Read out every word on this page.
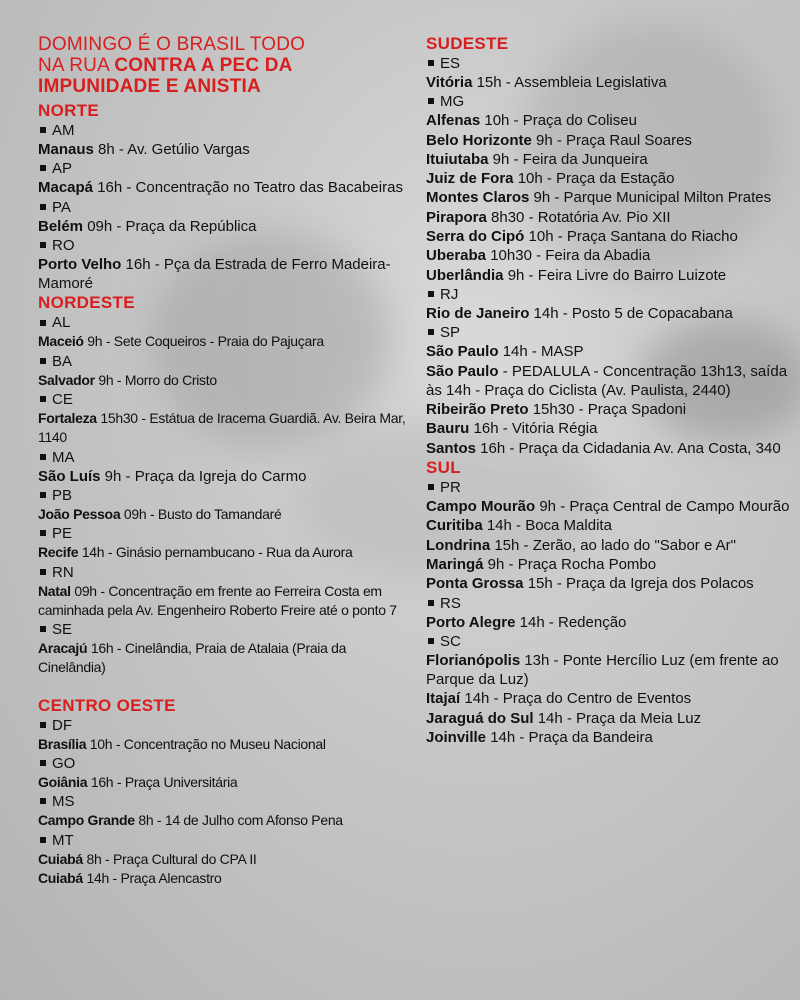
DOMINGO É O BRASIL TODO
NA RUA CONTRA A PEC DA
IMPUNIDADE E ANISTIA
NORTE
AM
Manaus 8h - Av. Getúlio Vargas
AP
Macapá 16h - Concentração no Teatro das Bacabeiras
PA
Belém 09h - Praça da República
RO
Porto Velho 16h - Pça da Estrada de Ferro Madeira-Mamoré
NORDESTE
AL
Maceió 9h - Sete Coqueiros - Praia do Pajuçara
BA
Salvador 9h - Morro do Cristo
CE
Fortaleza 15h30 - Estátua de Iracema Guardiã. Av. Beira Mar, 1140
MA
São Luís 9h - Praça da Igreja do Carmo
PB
João Pessoa 09h - Busto do Tamandaré
PE
Recife 14h - Ginásio pernambucano - Rua da Aurora
RN
Natal 09h - Concentração em frente ao Ferreira Costa em caminhada pela Av. Engenheiro Roberto Freire até o ponto 7
SE
Aracajú 16h - Cinelândia, Praia de Atalaia (Praia da Cinelândia)
CENTRO OESTE
DF
Brasília 10h - Concentração no Museu Nacional
GO
Goiânia 16h - Praça Universitária
MS
Campo Grande 8h - 14 de Julho com Afonso Pena
MT
Cuiabá 8h - Praça Cultural do CPA II
Cuiabá 14h - Praça Alencastro
SUDESTE
ES
Vitória 15h - Assembleia Legislativa
MG
Alfenas 10h - Praça do Coliseu
Belo Horizonte 9h - Praça Raul Soares
Ituiutaba 9h - Feira da Junqueira
Juiz de Fora 10h - Praça da Estação
Montes Claros 9h - Parque Municipal Milton Prates
Pirapora 8h30 - Rotatória Av. Pio XII
Serra do Cipó 10h - Praça Santana do Riacho
Uberaba 10h30 - Feira da Abadia
Uberlândia 9h - Feira Livre do Bairro Luizote
RJ
Rio de Janeiro 14h - Posto 5 de Copacabana
SP
São Paulo 14h - MASP
São Paulo - PEDALULA - Concentração 13h13, saída às 14h - Praça do Ciclista (Av. Paulista, 2440)
Ribeirão Preto 15h30 - Praça Spadoni
Bauru 16h - Vitória Régia
Santos 16h - Praça da Cidadania Av. Ana Costa, 340
SUL
PR
Campo Mourão 9h - Praça Central de Campo Mourão
Curitiba 14h - Boca Maldita
Londrina 15h - Zerão, ao lado do "Sabor e Ar"
Maringá 9h - Praça Rocha Pombo
Ponta Grossa 15h - Praça da Igreja dos Polacos
RS
Porto Alegre 14h - Redenção
SC
Florianópolis 13h - Ponte Hercílio Luz (em frente ao Parque da Luz)
Itajaí 14h - Praça do Centro de Eventos
Jaraguá do Sul 14h - Praça da Meia Luz
Joinville 14h - Praça da Bandeira
